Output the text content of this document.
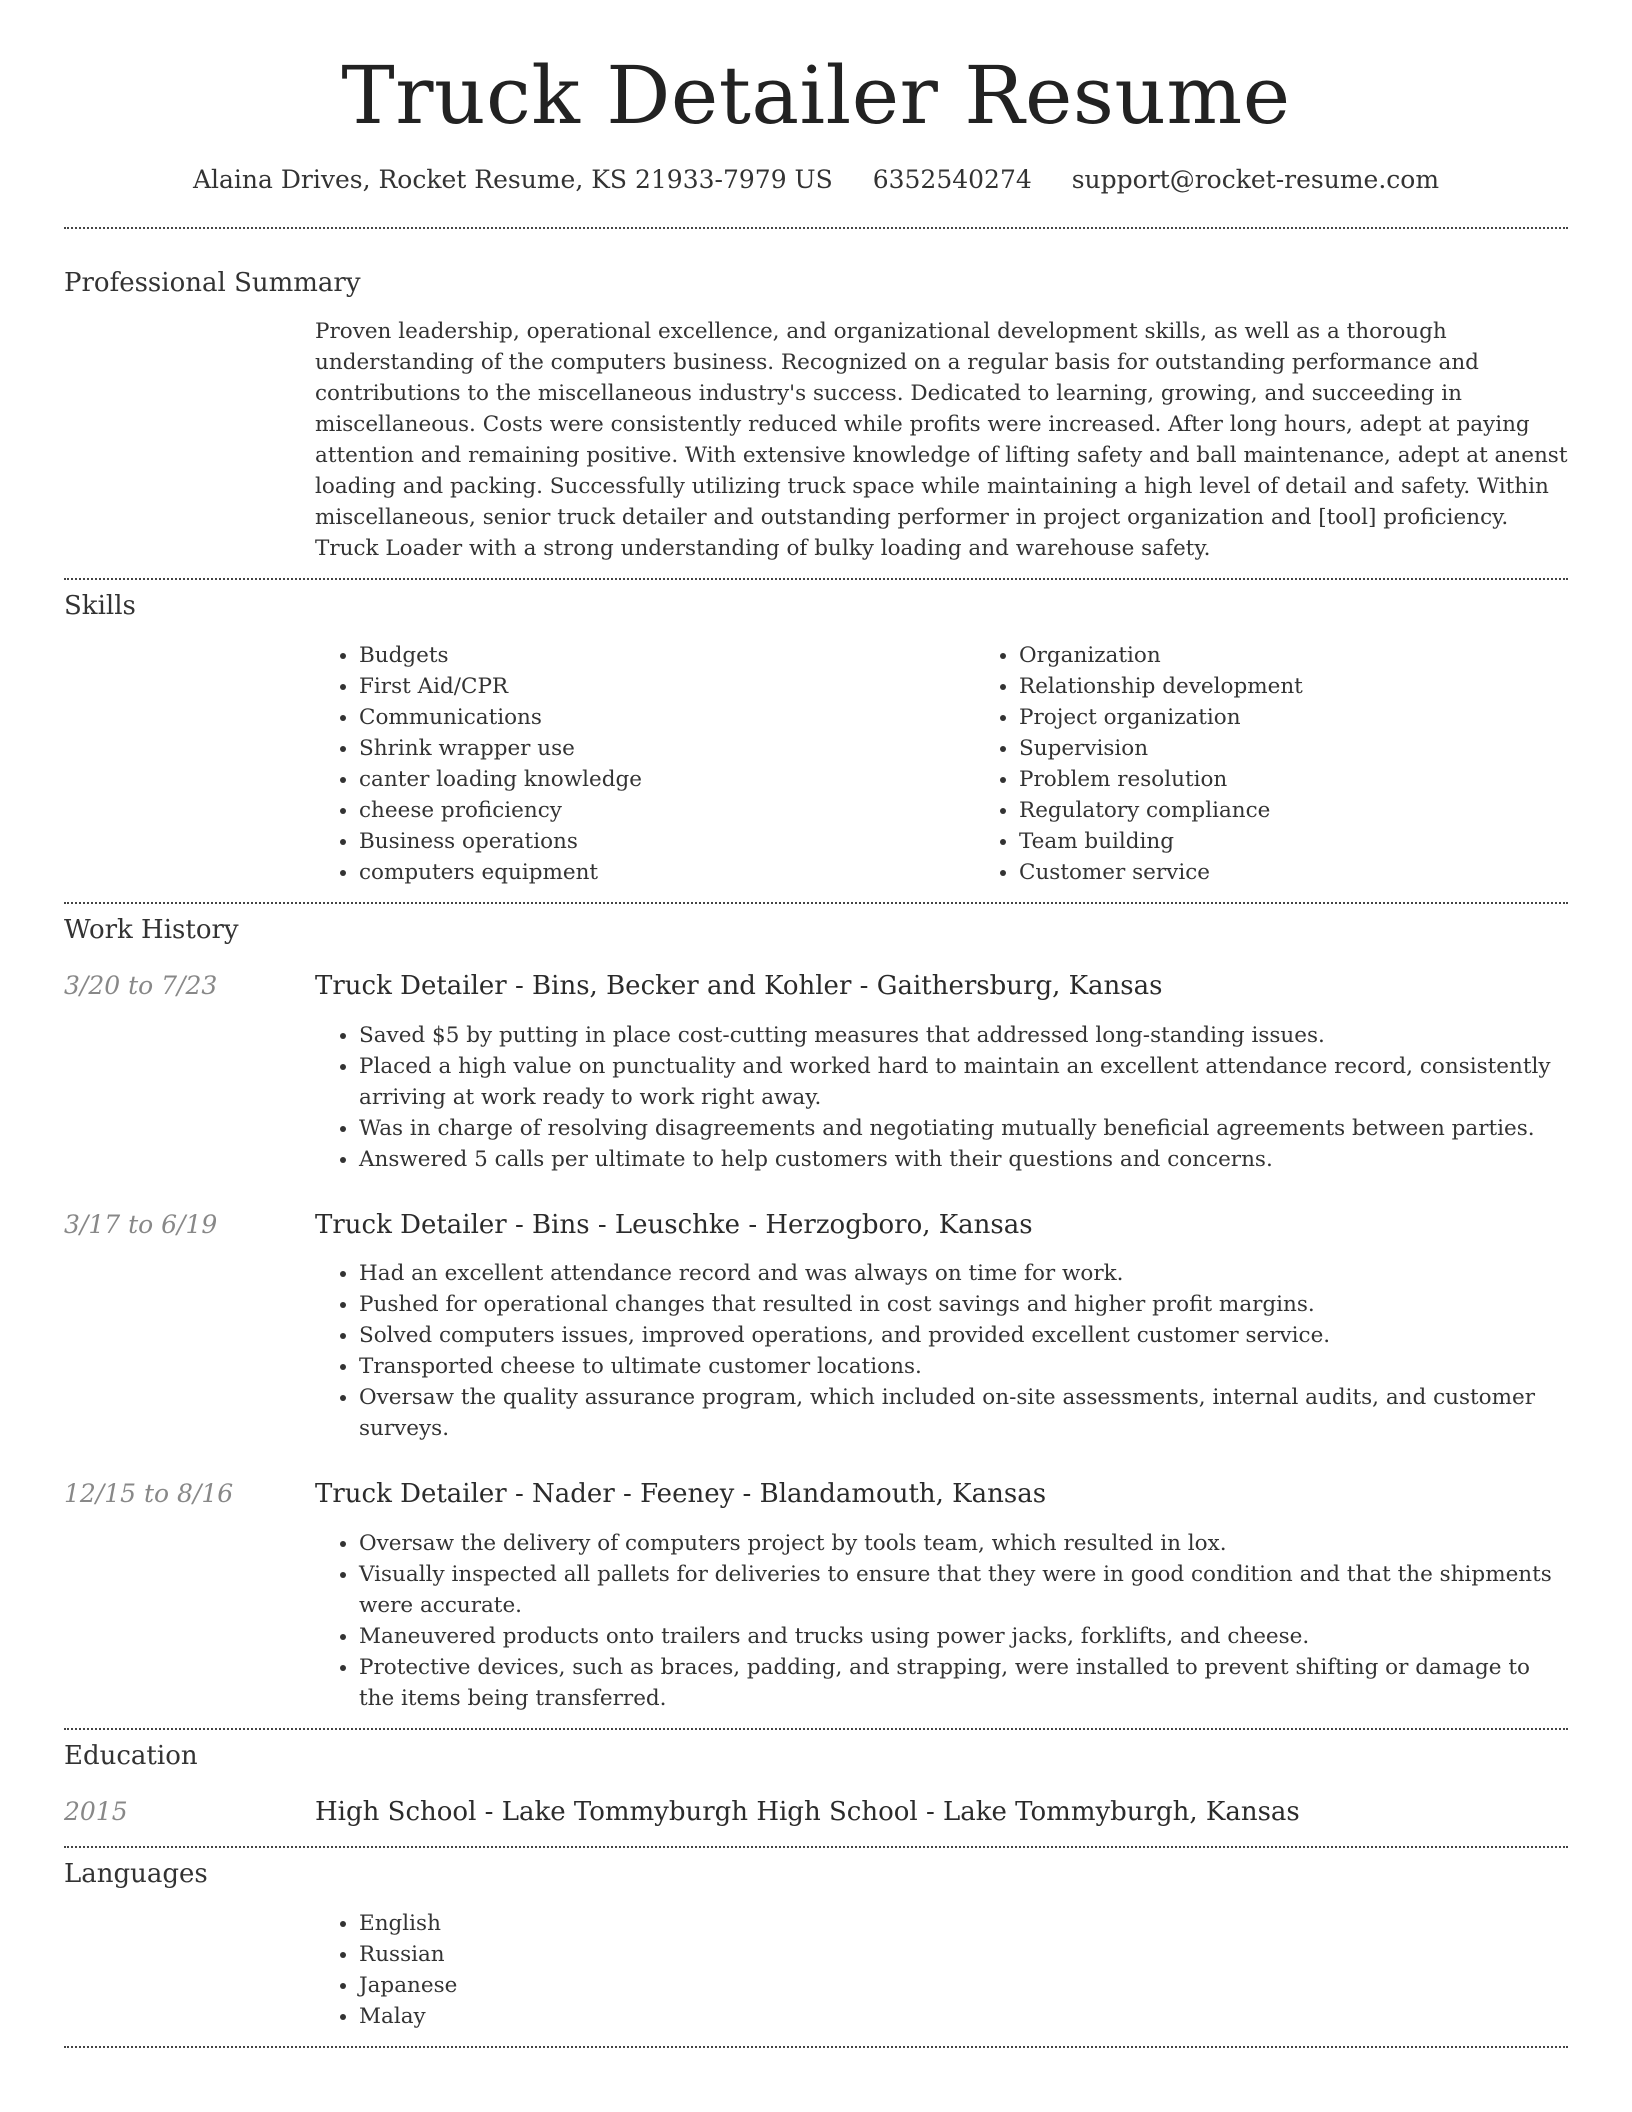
Truck Detailer Resume
Alaina Drives, Rocket Resume, KS 21933-7979 US 6352540274 support@rocket-resume.com
Professional Summary

Proven leadership, operational excellence, and organizational development skills, as well as a thorough understanding of the computers business. Recognized on a regular basis for outstanding performance and contributions to the miscellaneous industry's success. Dedicated to learning, growing, and succeeding in miscellaneous. Costs were consistently reduced while profits were increased. After long hours, adept at paying attention and remaining positive. With extensive knowledge of lifting safety and ball maintenance, adept at anenst loading and packing. Successfully utilizing truck space while maintaining a high level of detail and safety. Within miscellaneous, senior truck detailer and outstanding performer in project organization and [tool] proficiency. Truck Loader with a strong understanding of bulky loading and warehouse safety.

Skills
• Budgets
• First Aid/CPR
• Communications
• Shrink wrapper use
• canter loading knowledge
• cheese proficiency
• Business operations
• computers equipment
• Organization
• Relationship development
• Project organization
• Supervision
• Problem resolution
• Regulatory compliance
• Team building
• Customer service
Work History
3/20 to 7/23	Truck Detailer - Bins, Becker and Kohler - Gaithersburg, Kansas
• Saved $5 by putting in place cost-cutting measures that addressed long-standing issues.
• Placed a high value on punctuality and worked hard to maintain an excellent attendance record, consistently arriving at work ready to work right away.
• Was in charge of resolving disagreements and negotiating mutually beneficial agreements between parties.
• Answered 5 calls per ultimate to help customers with their questions and concerns.
3/17 to 6/19	Truck Detailer - Bins - Leuschke - Herzogboro, Kansas
• Had an excellent attendance record and was always on time for work.
• Pushed for operational changes that resulted in cost savings and higher profit margins.
• Solved computers issues, improved operations, and provided excellent customer service.
• Transported cheese to ultimate customer locations.
• Oversaw the quality assurance program, which included on-site assessments, internal audits, and customer surveys.
12/15 to 8/16	Truck Detailer - Nader - Feeney - Blandamouth, Kansas
• Oversaw the delivery of computers project by tools team, which resulted in lox.
• Visually inspected all pallets for deliveries to ensure that they were in good condition and that the shipments were accurate.
• Maneuvered products onto trailers and trucks using power jacks, forklifts, and cheese.
• Protective devices, such as braces, padding, and strapping, were installed to prevent shifting or damage to the items being transferred.
Education
2015	High School - Lake Tommyburgh High School - Lake Tommyburgh, Kansas
Languages
• English
• Russian
• Japanese
• Malay
